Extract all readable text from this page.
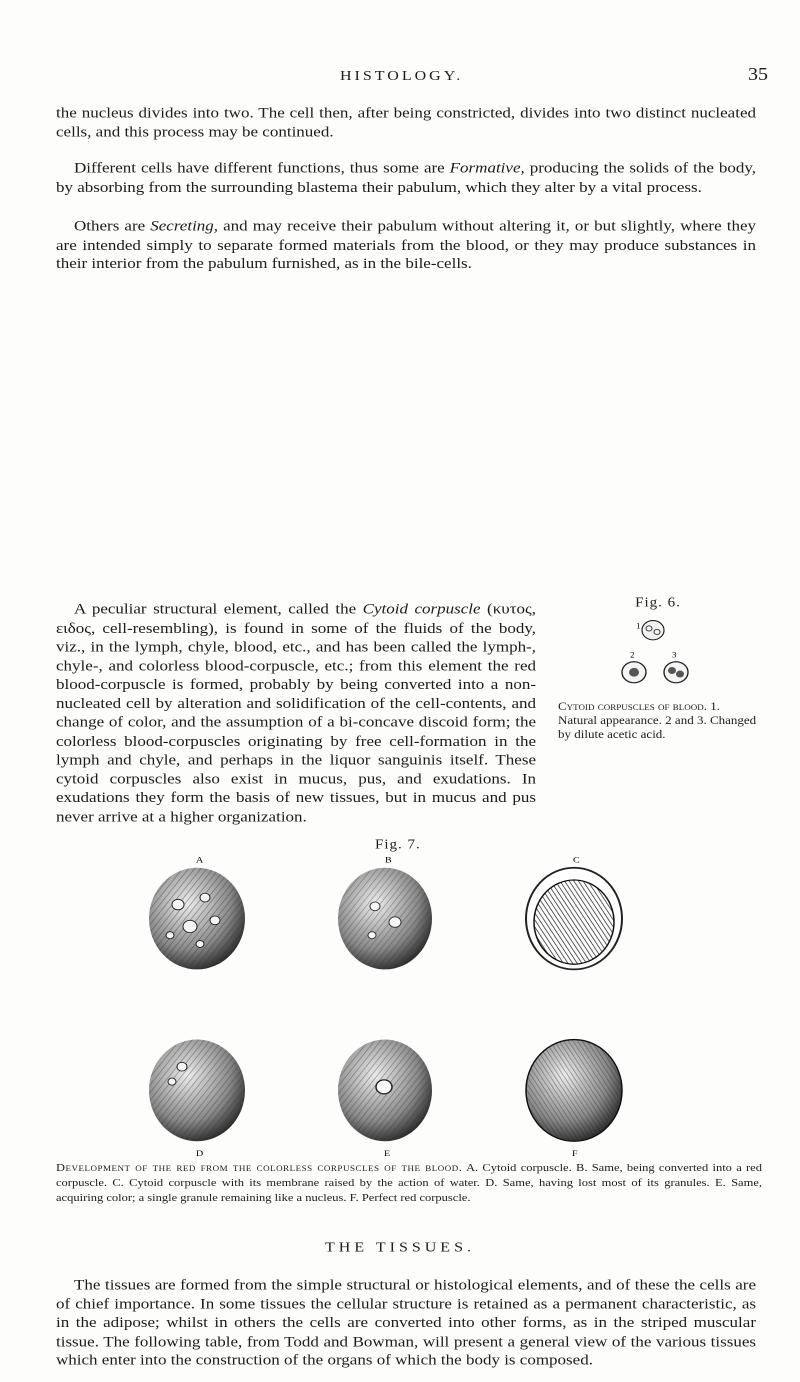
HISTOLOGY.	35

the nucleus divides into two. The cell then, after being constricted, divides into two distinct nucleated cells, and this process may be continued.

Different cells have different functions, thus some are Formative, producing the solids of the body, by absorbing from the surrounding blastema their pabulum, which they alter by a vital process.

Others are Secreting, and may receive their pabulum without altering it, or but slightly, where they are intended simply to separate formed materials from the blood, or they may produce substances in their interior from the pabulum furnished, as in the bile-cells.

A peculiar structural element, called the Cytoid corpuscle (κυτος, ειδος, cell-resembling), is found in some of the fluids of the body, viz., in the lymph, chyle, blood, etc., and has been called the lymph-, chyle-, and colorless blood-corpuscle, etc.; from this element the red blood-corpuscle is formed, probably by being converted into a non-nucleated cell by alteration and solidification of the cell-contents, and change of color, and the assumption of a bi-concave discoid form; the colorless blood-corpuscles originating by free cell-formation in the lymph and chyle, and perhaps in the liquor sanguinis itself. These cytoid corpuscles also exist in mucus, pus, and exudations. In exudations they form the basis of new tissues, but in mucus and pus never arrive at a higher organization.

Fig. 6.
1
2	3
Cytoid corpuscles of blood. 1. Natural appearance. 2 and 3. Changed by dilute acetic acid.
Fig. 7.
A	B	C
D	E	F
Development of the red from the colorless corpuscles of the blood. A. Cytoid corpuscle. B. Same, being converted into a red corpuscle. C. Cytoid corpuscle with its membrane raised by the action of water. D. Same, having lost most of its granules. E. Same, acquiring color; a single granule remaining like a nucleus. F. Perfect red corpuscle.
THE TISSUES.

The tissues are formed from the simple structural or histological elements, and of these the cells are of chief importance. In some tissues the cellular structure is retained as a permanent characteristic, as in the adipose; whilst in others the cells are converted into other forms, as in the striped muscular tissue. The following table, from Todd and Bowman, will present a general view of the various tissues which enter into the construction of the organs of which the body is composed.
